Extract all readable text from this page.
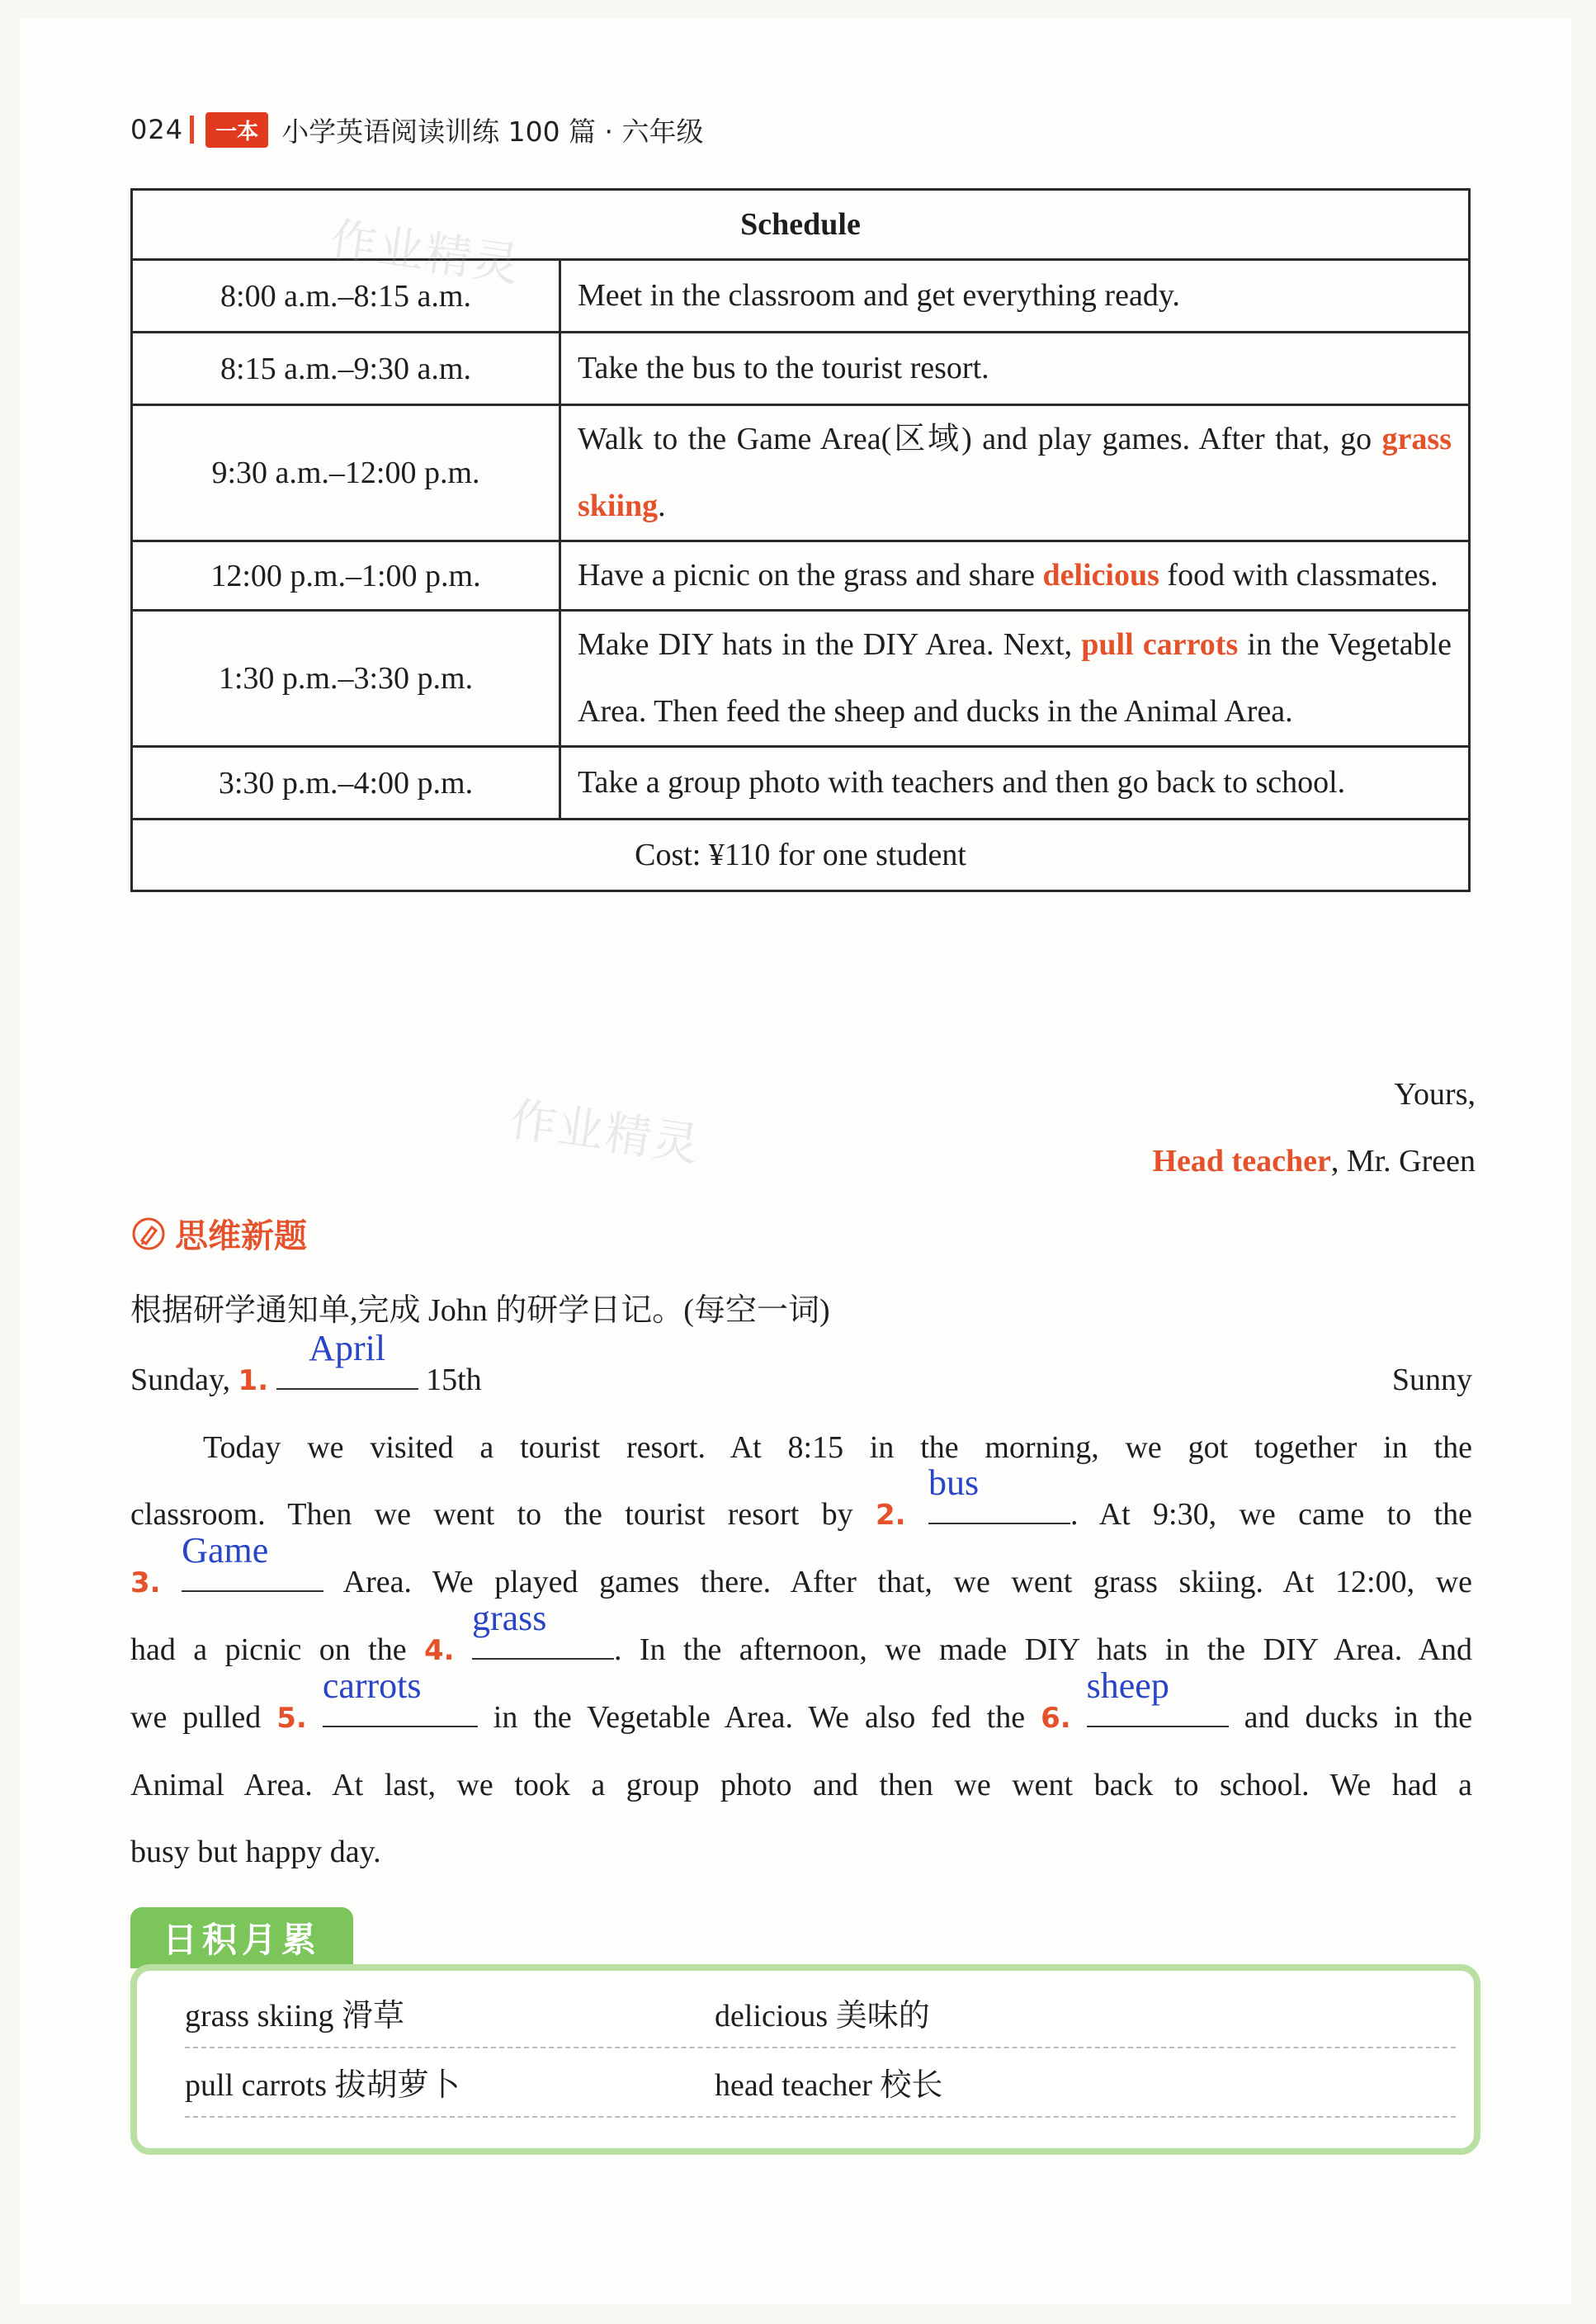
024	一本 小学英语阅读训练 100 篇 · 六年级
Schedule	
8:00 a.m.–8:15 a.m.	Meet in the classroom and get everything ready.
8:15 a.m.–9:30 a.m.	Take the bus to the tourist resort.
9:30 a.m.–12:00 p.m.	Walk to the Game Area(区域) and play games. After that, go grass skiing.
12:00 p.m.–1:00 p.m.	Have a picnic on the grass and share delicious food with classmates.
1:30 p.m.–3:30 p.m.	Make DIY hats in the DIY Area. Next, pull carrots in the Vegetable Area. Then feed the sheep and ducks in the Animal Area.
3:30 p.m.–4:00 p.m.	Take a group photo with teachers and then go back to school.
Cost: ¥110 for one student	
作业精灵
作业精灵	Yours,
Head teacher, Mr. Green
思维新题
根据研学通知单,完成 John 的研学日记。(每空一词)
Sunday, 1.
April
15th	Sunny
Today we visited a tourist resort. At 8:15 in the morning, we got together in the
classroom. Then we went to the tourist resort by 2.
bus
. At 9:30, we came to the
3.
Game
Area. We played games there. After that, we went grass skiing. At 12:00, we
had a picnic on the 4.
grass
. In the afternoon, we made DIY hats in the DIY Area. And
we pulled 5.
carrots
in the Vegetable Area. We also fed the 6.
sheep
and ducks in the
Animal Area. At last, we took a group photo and then we went back to school. We had a
busy but happy day.
日积月累
grass skiing 滑草	delicious 美味的
pull carrots 拔胡萝卜	head teacher 校长
